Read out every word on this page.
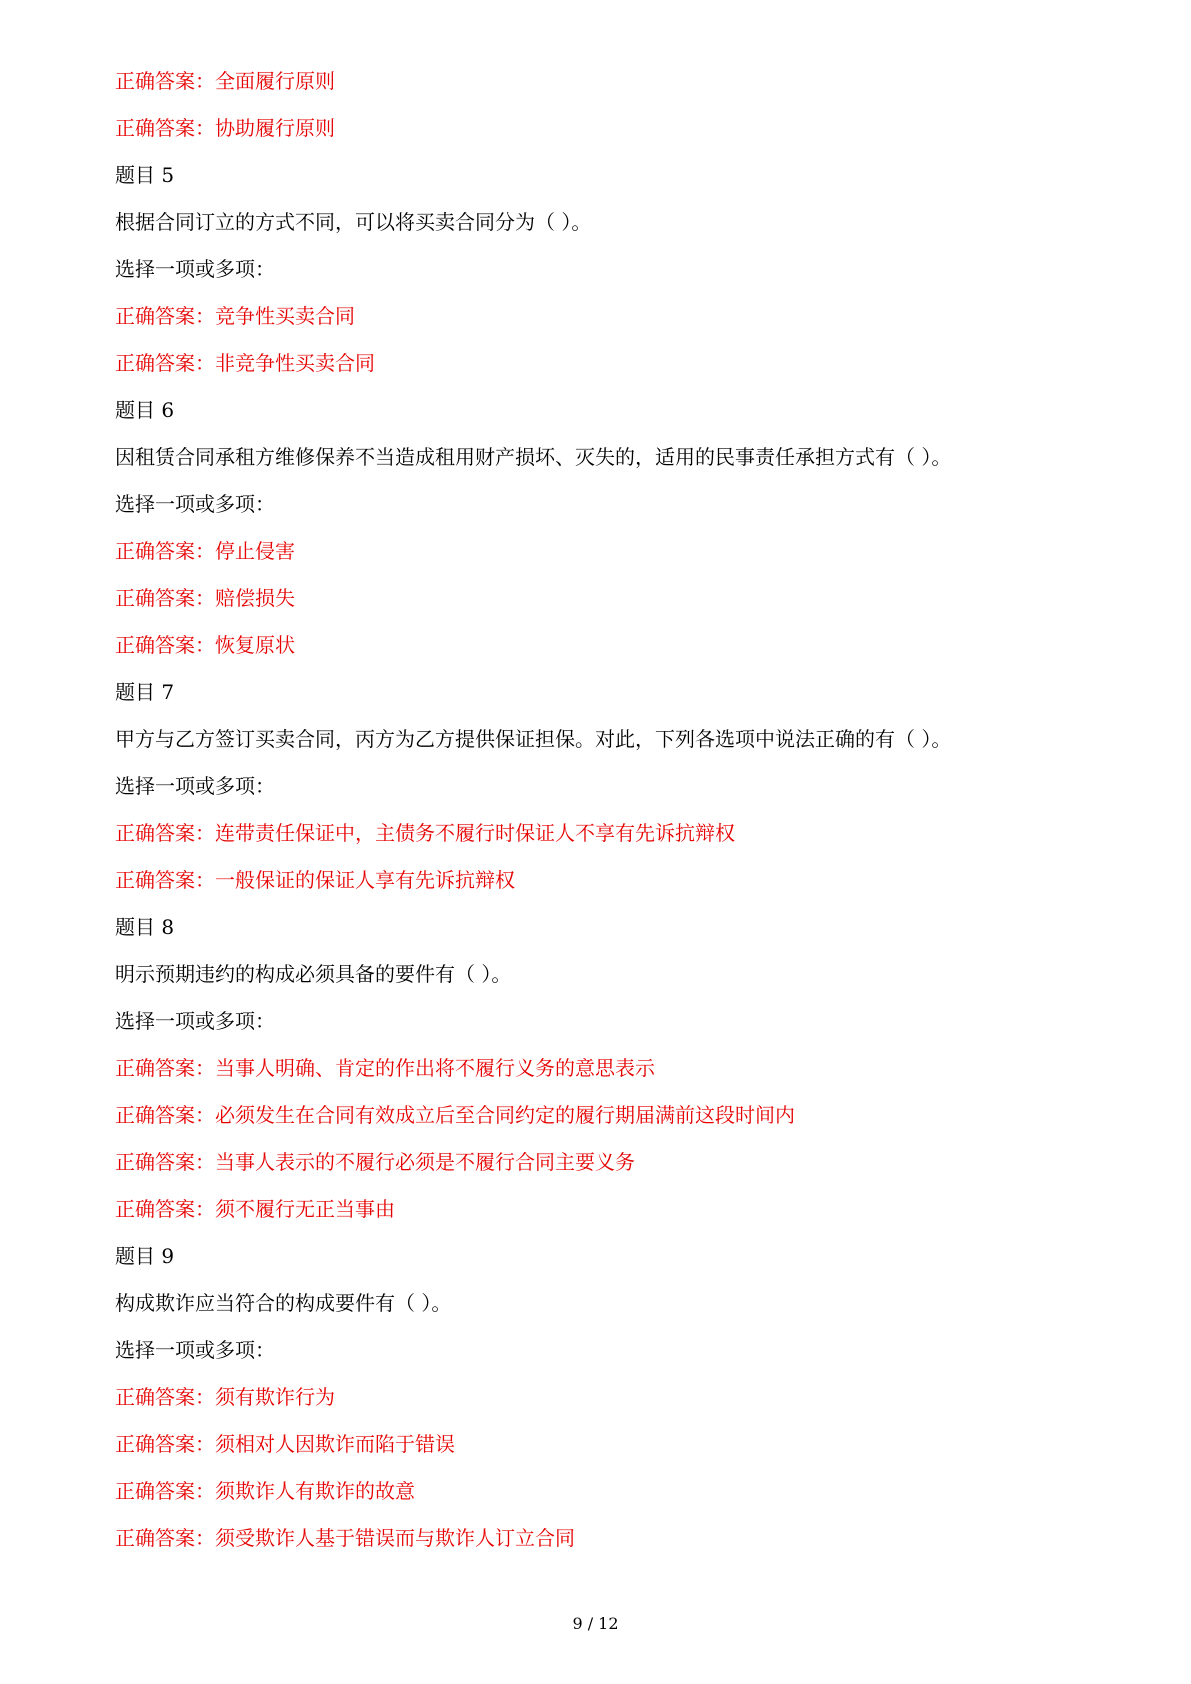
正确答案：全面履行原则
正确答案：协助履行原则
题目 5
根据合同订立的方式不同，可以将买卖合同分为（ ）。
选择一项或多项：
正确答案：竞争性买卖合同
正确答案：非竞争性买卖合同
题目 6
因租赁合同承租方维修保养不当造成租用财产损坏、灭失的，适用的民事责任承担方式有（ ）。
选择一项或多项：
正确答案：停止侵害
正确答案：赔偿损失
正确答案：恢复原状
题目 7
甲方与乙方签订买卖合同，丙方为乙方提供保证担保。对此，下列各选项中说法正确的有（ ）。
选择一项或多项：
正确答案：连带责任保证中，主债务不履行时保证人不享有先诉抗辩权
正确答案：一般保证的保证人享有先诉抗辩权
题目 8
明示预期违约的构成必须具备的要件有（ ）。
选择一项或多项：
正确答案：当事人明确、肯定的作出将不履行义务的意思表示
正确答案：必须发生在合同有效成立后至合同约定的履行期届满前这段时间内
正确答案：当事人表示的不履行必须是不履行合同主要义务
正确答案：须不履行无正当事由
题目 9
构成欺诈应当符合的构成要件有（ ）。
选择一项或多项：
正确答案：须有欺诈行为
正确答案：须相对人因欺诈而陷于错误
正确答案：须欺诈人有欺诈的故意
正确答案：须受欺诈人基于错误而与欺诈人订立合同
9 / 12
